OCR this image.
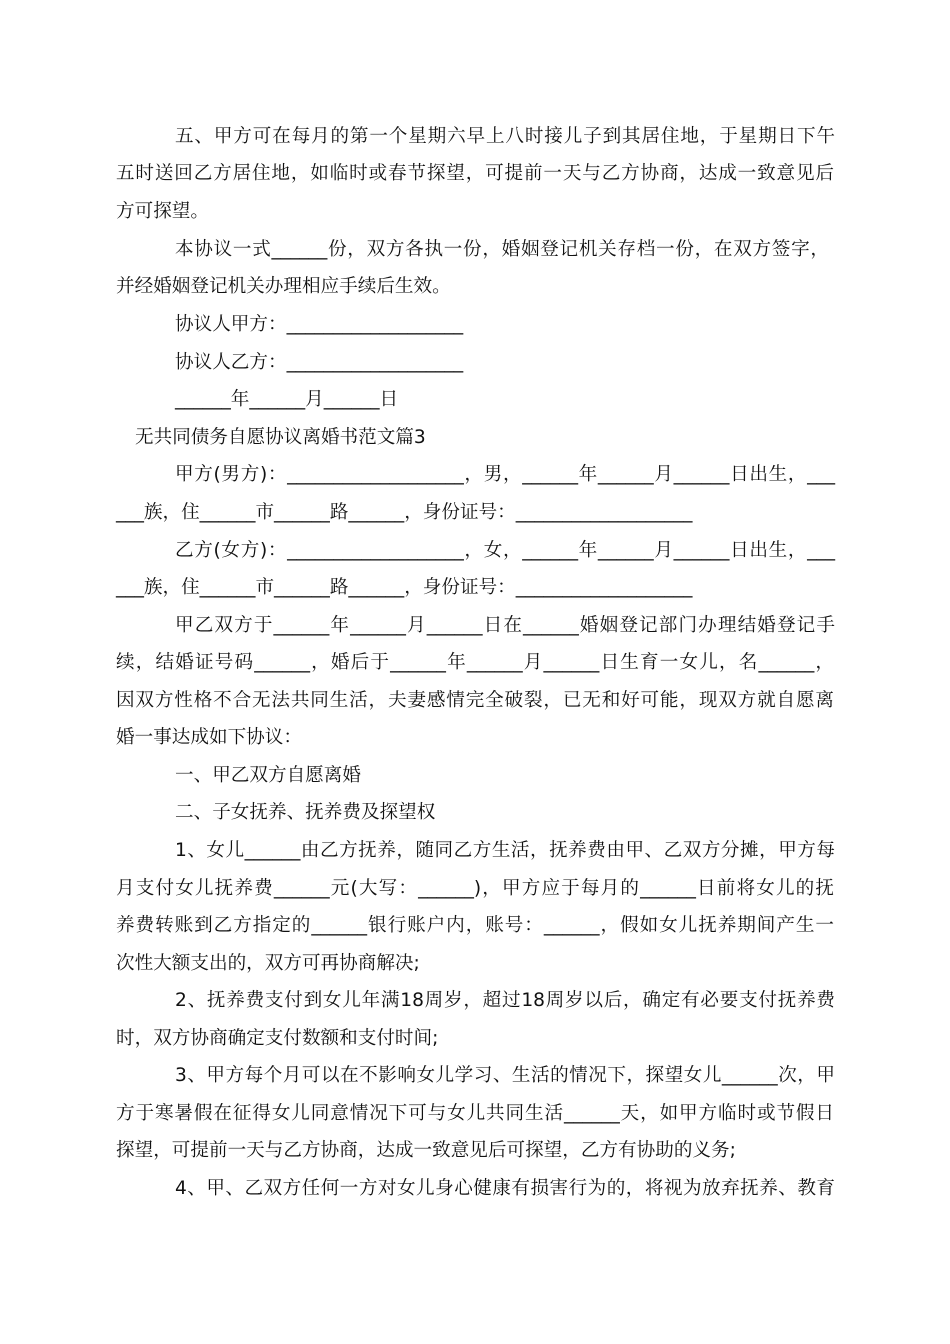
五、甲方可在每月的第一个星期六早上八时接儿子到其居住地，于星期日下午

五时送回乙方居住地，如临时或春节探望，可提前一天与乙方协商，达成一致意见后

方可探望。

本协议一式______份，双方各执一份，婚姻登记机关存档一份，在双方签字，

并经婚姻登记机关办理相应手续后生效。

协议人甲方：___________________

协议人乙方：___________________

______年______月______日

无共同债务自愿协议离婚书范文篇3

甲方(男方)：___________________，男，______年______月______日出生，___

___族，住______市______路______，身份证号：___________________

乙方(女方)：___________________，女，______年______月______日出生，___

___族，住______市______路______，身份证号：___________________

甲乙双方于______年______月______日在______婚姻登记部门办理结婚登记手

续，结婚证号码______，婚后于______年______月______日生育一女儿，名______，

因双方性格不合无法共同生活，夫妻感情完全破裂，已无和好可能，现双方就自愿离

婚一事达成如下协议：

一、甲乙双方自愿离婚

二、子女抚养、抚养费及探望权

1、女儿______由乙方抚养，随同乙方生活，抚养费由甲、乙双方分摊，甲方每

月支付女儿抚养费______元(大写：______)，甲方应于每月的______日前将女儿的抚

养费转账到乙方指定的______银行账户内，账号：______，假如女儿抚养期间产生一

次性大额支出的，双方可再协商解决;

2、抚养费支付到女儿年满18周岁，超过18周岁以后，确定有必要支付抚养费

时，双方协商确定支付数额和支付时间;

3、甲方每个月可以在不影响女儿学习、生活的情况下，探望女儿______次，甲

方于寒暑假在征得女儿同意情况下可与女儿共同生活______天，如甲方临时或节假日

探望，可提前一天与乙方协商，达成一致意见后可探望，乙方有协助的义务;

4、甲、乙双方任何一方对女儿身心健康有损害行为的，将视为放弃抚养、教育
